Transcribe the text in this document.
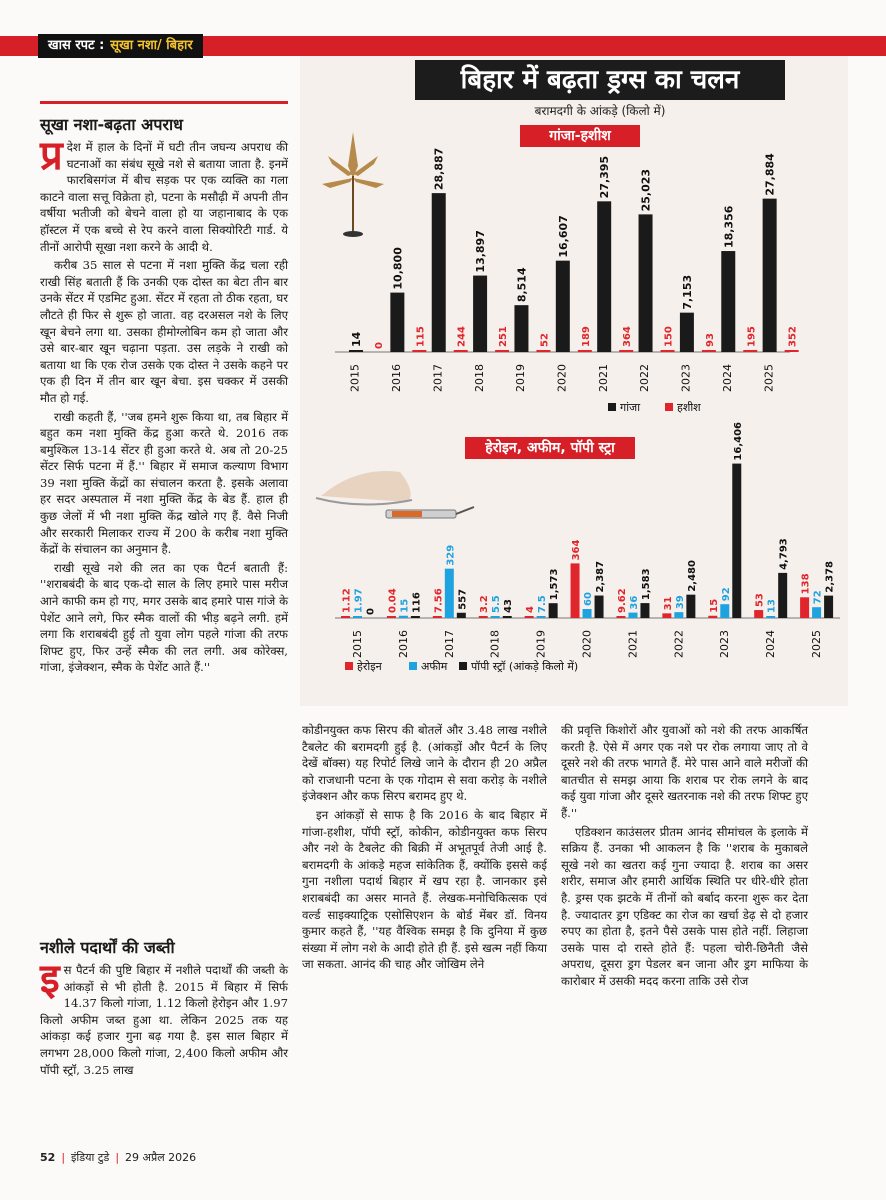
खास रपट : सूखा नशा/ बिहार
सूखा नशा-बढ़ता अपराध

प्र देश में हाल के दिनों में घटी तीन जघन्य अपराध की घटनाओं का संबंध सूखे नशे से बताया जाता है. इनमें फारबिसगंज में बीच सड़क पर एक व्यक्ति का गला काटने वाला सत्तू विक्रेता हो, पटना के मसौढ़ी में अपनी तीन वर्षीया भतीजी को बेचने वाला हो या जहानाबाद के एक हॉस्टल में एक बच्चे से रेप करने वाला सिक्योरिटी गार्ड. ये तीनों आरोपी सूखा नशा करने के आदी थे.

करीब 35 साल से पटना में नशा मुक्ति केंद्र चला रही राखी सिंह बताती हैं कि उनकी एक दोस्त का बेटा तीन बार उनके सेंटर में एडमिट हुआ. सेंटर में रहता तो ठीक रहता, घर लौटते ही फिर से शुरू हो जाता. वह दरअसल नशे के लिए खून बेचने लगा था. उसका हीमोग्लोबिन कम हो जाता और उसे बार-बार खून चढ़ाना पड़ता. उस लड़के ने राखी को बताया था कि एक रोज उसके एक दोस्त ने उसके कहने पर एक ही दिन में तीन बार खून बेचा. इस चक्कर में उसकी मौत हो गई.

राखी कहती हैं, ''जब हमने शुरू किया था, तब बिहार में बहुत कम नशा मुक्ति केंद्र हुआ करते थे. 2016 तक बमुश्किल 13-14 सेंटर ही हुआ करते थे. अब तो 20-25 सेंटर सिर्फ पटना में हैं.'' बिहार में समाज कल्याण विभाग 39 नशा मुक्ति केंद्रों का संचालन करता है. इसके अलावा हर सदर अस्पताल में नशा मुक्ति केंद्र के बेड हैं. हाल ही कुछ जेलों में भी नशा मुक्ति केंद्र खोले गए हैं. वैसे निजी और सरकारी मिलाकर राज्य में 200 के करीब नशा मुक्ति केंद्रों के संचालन का अनुमान है.

राखी सूखे नशे की लत का एक पैटर्न बताती हैं: ''शराबबंदी के बाद एक-दो साल के लिए हमारे पास मरीज आने काफी कम हो गए, मगर उसके बाद हमारे पास गांजे के पेशेंट आने लगे, फिर स्मैक वालों की भीड़ बढ़ने लगी. हमें लगा कि शराबबंदी हुई तो युवा लोग पहले गांजा की तरफ शिफ्ट हुए, फिर उन्हें स्मैक की लत लगी. अब कोरेक्स, गांजा, इंजेक्शन, स्मैक के पेशेंट आते हैं.''

नशीले पदार्थों की जब्ती

इस पैटर्न की पुष्टि बिहार में नशीले पदार्थों की जब्ती के आंकड़ों से भी होती है. 2015 में बिहार में सिर्फ 14.37 किलो गांजा, 1.12 किलो हेरोइन और 1.97 किलो अफीम जब्त हुआ था. लेकिन 2025 तक यह आंकड़ा कई हजार गुना बढ़ गया है. इस साल बिहार में लगभग 28,000 किलो गांजा, 2,400 किलो अफीम और पॉपी स्ट्रॉ, 3.25 लाख

बिहार में बढ़ता ड्रग्स का चलन
बरामदगी के आंकड़े (किलो में)
गांजा-हशीश
हेरोइन, अफीम, पॉपी स्ट्रा
2015
14 0
2016
10,800
115
2017
28,887
244
2018
13,897
251
2019
8,514
52
2020
16,607
189
2021
27,395
364
2022
25,023
150
2023
7,153
93
2024
18,356
195
2025
27,884
352
गांजा	हशीश
2015
1.12 1.97 0
2016
0.04 15 116
2017
7.56
329
557
2018
3.2 5.5 43
2019
4 7.5
1,573
2020
364
60
2,387
2021
9.62 36
1,583
2022
31 39
2,480
2023
15
92
16,406
2024
53 13
4,793
2025
138
72
2,378
हेरोइन	अफीम पॉपी स्ट्रॉ (आंकड़े किलो में)

कोडीनयुक्त कफ सिरप की बोतलें और 3.48 लाख नशीले टैबलेट की बरामदगी हुई है. (आंकड़ों और पैटर्न के लिए देखें बॉक्स) यह रिपोर्ट लिखे जाने के दौरान ही 20 अप्रैल को राजधानी पटना के एक गोदाम से सवा करोड़ के नशीले इंजेक्शन और कफ सिरप बरामद हुए थे.

इन आंकड़ों से साफ है कि 2016 के बाद बिहार में गांजा-हशीश, पॉपी स्ट्रॉ, कोकीन, कोडीनयुक्त कफ सिरप और नशे के टैबलेट की बिक्री में अभूतपूर्व तेजी आई है. बरामदगी के आंकड़े महज सांकेतिक हैं, क्योंकि इससे कई गुना नशीला पदार्थ बिहार में खप रहा है. जानकार इसे शराबबंदी का असर मानते हैं. लेखक-मनोचिकित्सक एवं वर्ल्ड साइक्याट्रिक एसोसिएशन के बोर्ड मेंबर डॉ. विनय कुमार कहते हैं, ''यह वैश्विक समझ है कि दुनिया में कुछ संख्या में लोग नशे के आदी होते ही हैं. इसे खत्म नहीं किया जा सकता. आनंद की चाह और जोखिम लेने

की प्रवृत्ति किशोरों और युवाओं को नशे की तरफ आकर्षित करती है. ऐसे में अगर एक नशे पर रोक लगाया जाए तो वे दूसरे नशे की तरफ भागते हैं. मेरे पास आने वाले मरीजों की बातचीत से समझ आया कि शराब पर रोक लगने के बाद कई युवा गांजा और दूसरे खतरनाक नशे की तरफ शिफ्ट हुए हैं.''

एडिक्शन काउंसलर प्रीतम आनंद सीमांचल के इलाके में सक्रिय हैं. उनका भी आकलन है कि ''शराब के मुकाबले सूखे नशे का खतरा कई गुना ज्यादा है. शराब का असर शरीर, समाज और हमारी आर्थिक स्थिति पर धीरे-धीरे होता है. ड्रग्स एक झटके में तीनों को बर्बाद करना शुरू कर देता है. ज्यादातर ड्रग एडिक्ट का रोज का खर्चा डेढ़ से दो हजार रुपए का होता है, इतने पैसे उसके पास होते नहीं. लिहाजा उसके पास दो रास्ते होते हैं: पहला चोरी-छिनैती जैसे अपराध, दूसरा ड्रग पेडलर बन जाना और ड्रग माफिया के कारोबार में उसकी मदद करना ताकि उसे रोज

52 | इंडिया टुडे | 29 अप्रैल 2026
